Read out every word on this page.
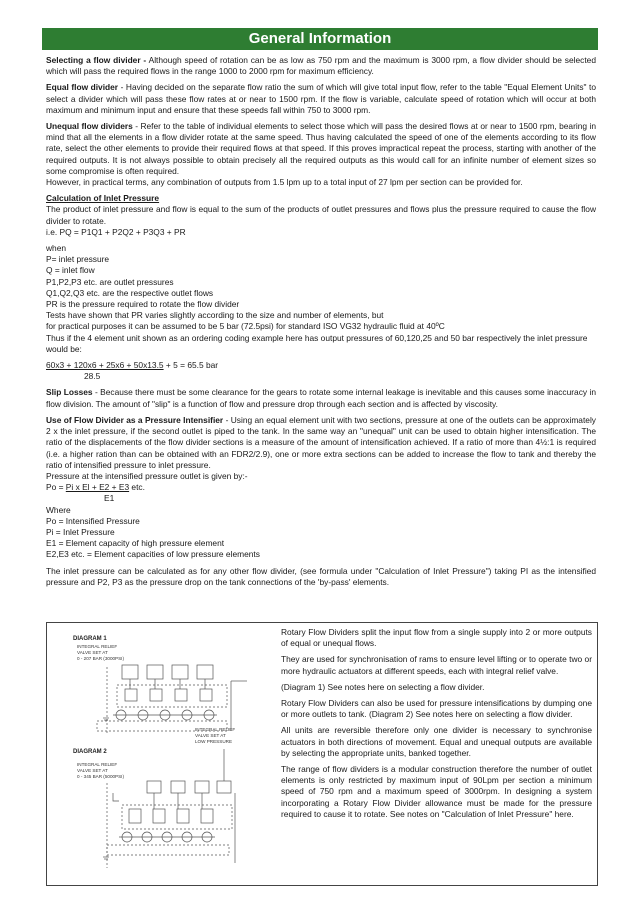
General Information

Selecting a flow divider - Although speed of rotation can be as low as 750 rpm and the maximum is 3000 rpm, a flow divider should be selected which will pass the required flows in the range 1000 to 2000 rpm for maximum efficiency.

Equal flow divider - Having decided on the separate flow ratio the sum of which will give total input flow, refer to the table "Equal Element Units" to select a divider which will pass these flow rates at or near to 1500 rpm. If the flow is variable, calculate speed of rotation which will occur at both maximum and minimum input and ensure that these speeds fall within 750 to 3000 rpm.

Unequal flow dividers - Refer to the table of individual elements to select those which will pass the desired flows at or near to 1500 rpm, bearing in mind that all the elements in a flow divider rotate at the same speed. Thus having calculated the speed of one of the elements according to its flow rate, select the other elements to provide their required flows at that speed. If this proves impractical repeat the process, starting with another of the required outputs. It is not always possible to obtain precisely all the required outputs as this would call for an infinite number of element sizes so some compromise is often required.
However, in practical terms, any combination of outputs from 1.5 lpm up to a total input of 27 lpm per section can be provided for.

Calculation of Inlet Pressure
The product of inlet pressure and flow is equal to the sum of the products of outlet pressures and flows plus the pressure required to cause the flow divider to rotate.
i.e. PQ = P1Q1 + P2Q2 + P3Q3 + PR

when
P= inlet pressure
Q = inlet flow
P1,P2,P3 etc. are outlet pressures
Q1,Q2,Q3 etc. are the respective outlet flows
PR is the pressure required to rotate the flow divider
Tests have shown that PR varies slightly according to the size and number of elements, but
for practical purposes it can be assumed to be 5 bar (72.5psi) for standard ISO VG32 hydraulic fluid at 40ºC
Thus if the 4 element unit shown as an ordering coding example here has output pressures of 60,120,25 and 50 bar respectively the inlet pressure would be:

60x3 + 120x6 + 25x6 + 50x13.5 + 5 = 65.5 bar
28.5

Slip Losses - Because there must be some clearance for the gears to rotate some internal leakage is inevitable and this causes some inaccuracy in flow division. The amount of "slip" is a function of flow and pressure drop through each section and is affected by viscosity.

Use of Flow Divider as a Pressure Intensifier - Using an equal element unit with two sections, pressure at one of the outlets can be approximately 2 x the inlet pressure, if the second outlet is piped to the tank. In the same way an "unequal" unit can be used to obtain higher intensification. The ratio of the displacements of the flow divider sections is a measure of the amount of intensification achieved. If a ratio of more than 4½:1 is required (i.e. a higher ration than can be obtained with an FDR2/2.9), one or more extra sections can be added to increase the flow to tank and thereby the ratio of intensified pressure to inlet pressure.
Pressure at the intensified pressure outlet is given by:-
Po = Pi x El + E2 + E3 etc.
E1
Where
Po = Intensified Pressure
Pi = Inlet Pressure
E1 = Element capacity of high pressure element
E2,E3 etc. = Element capacities of low pressure elements

The inlet pressure can be calculated as for any other flow divider, (see formula under "Calculation of Inlet Pressure") taking PI as the intensified pressure and P2, P3 as the pressure drop on the tank connections of the 'by-pass' elements.

DIAGRAM 1
INTEGRAL RELIEF
VALVE SET AT
0 - 207 BAR (3000PSI)
DIAGRAM 2
INTEGRAL RELIEF
VALVE SET AT
0 - 345 BAR (5000PSI)
INTEGRAL RELIEF
VALVE SET AT
LOW PRESSURE

Rotary Flow Dividers split the input flow from a single supply into 2 or more outputs of equal or unequal flows.

They are used for synchronisation of rams to ensure level lifting or to operate two or more hydraulic actuators at different speeds, each with integral relief valve.

(Diagram 1) See notes here on selecting a flow divider.

Rotary Flow Dividers can also be used for pressure intensifications by dumping one or more outlets to tank. (Diagram 2) See notes here on selecting a flow divider.

All units are reversible therefore only one divider is necessary to synchronise actuators in both directions of movement. Equal and unequal outputs are available by selecting the appropriate units, banked together.

The range of flow dividers is a modular construction therefore the number of outlet elements is only restricted by maximum input of 90Lpm per section a minimum speed of 750 rpm and a maximum speed of 3000rpm. In designing a system incorporating a Rotary Flow Divider allowance must be made for the pressure required to cause it to rotate. See notes on "Calculation of Inlet Pressure" here.
